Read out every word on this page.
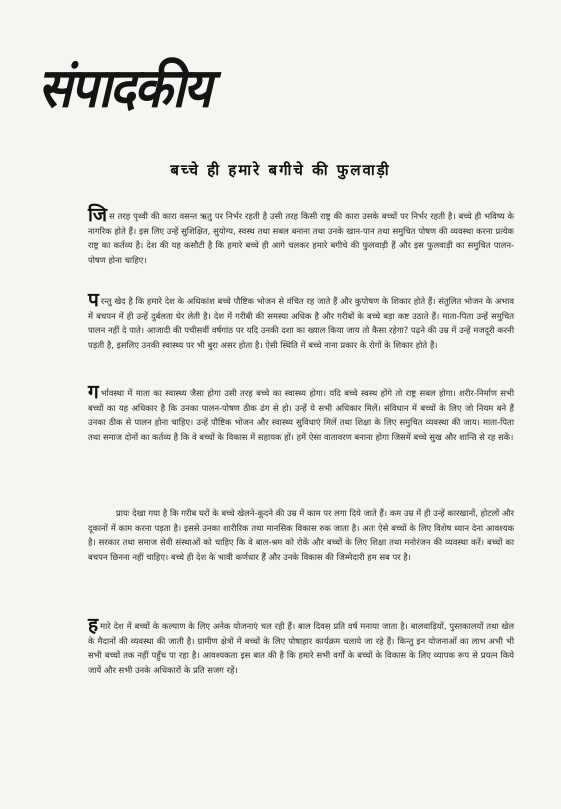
संपादकीय
बच्चे ही हमारे बगीचे की फुलवाड़ी

जिस तरह पृथ्वी की कारा वसन्त ऋतु पर निर्भर रहती है उसी तरह किसी राष्ट्र की कारा उसके बच्चों पर निर्भर रहती है। बच्चे ही भविष्य के नागरिक होते हैं। इस लिए उन्हें सुशिक्षित, सुयोग्य, स्वस्थ तथा सबल बनाना तथा उनके खान-पान तथा समुचित पोषण की व्यवस्था करना प्रत्येक राष्ट्र का कर्तव्य है। देश की यह कसौटी है कि हमारे बच्चे ही आगे चलकर हमारे बगीचे की फुलवाड़ी हैं और इस फुलवाड़ी का समुचित पालन-पोषण होना चाहिए।

परन्तु खेद है कि हमारे देश के अधिकांश बच्चे पौष्टिक भोजन से वंचित रह जाते हैं और कुपोषण के शिकार होते हैं। संतुलित भोजन के अभाव में बचपन में ही उन्हें दुर्बलता घेर लेती है। देश में गरीबी की समस्या अधिक है और गरीबों के बच्चे बड़ा कष्ट उठाते हैं। माता-पिता उन्हें समुचित पालन नहीं दे पाते। आजादी की पचीसवीं वर्षगांठ पर यदि उनकी दशा का ख्याल किया जाय तो कैसा रहेगा? पढ़ने की उम्र में उन्हें मजदूरी करनी पड़ती है, इसलिए उनकी स्वास्थ्य पर भी बुरा असर होता है। ऐसी स्थिति में बच्चे नाना प्रकार के रोगों के शिकार होते हैं।

गर्भावस्था में माता का स्वास्थ्य जैसा होगा उसी तरह बच्चे का स्वास्थ्य होगा। यदि बच्चे स्वस्थ होंगे तो राष्ट्र सबल होगा। शरीर-निर्माण सभी बच्चों का यह अधिकार है कि उनका पालन-पोषण ठीक ढंग से हो। उन्हें ये सभी अधिकार मिलें। संविधान में बच्चों के लिए जो नियम बने हैं उनका ठीक से पालन होना चाहिए। उन्हें पौष्टिक भोजन और स्वास्थ्य सुविधाएं मिलें तथा शिक्षा के लिए समुचित व्यवस्था की जाय। माता-पिता तथा समाज दोनों का कर्तव्य है कि वे बच्चों के विकास में सहायक हों। हमें ऐसा वातावरण बनाना होगा जिसमें बच्चे सुख और शान्ति से रह सकें।

प्रायः देखा गया है कि गरीब घरों के बच्चे खेलने-कूदने की उम्र में काम पर लगा दिये जाते हैं। कम उम्र में ही उन्हें कारखानों, होटलों और दूकानों में काम करना पड़ता है। इससे उनका शारीरिक तथा मानसिक विकास रुक जाता है। अतः ऐसे बच्चों के लिए विशेष ध्यान देना आवश्यक है। सरकार तथा समाज सेवी संस्थाओं को चाहिए कि वे बाल-श्रम को रोकें और बच्चों के लिए शिक्षा तथा मनोरंजन की व्यवस्था करें। बच्चों का बचपन छिनना नहीं चाहिए। बच्चे ही देश के भावी कर्णधार हैं और उनके विकास की जिम्मेदारी हम सब पर है।

हमारे देश में बच्चों के कल्याण के लिए अनेक योजनाएं चल रही हैं। बाल दिवस प्रति वर्ष मनाया जाता है। बालवाड़ियों, पुस्तकालयों तथा खेल के मैदानों की व्यवस्था की जाती है। ग्रामीण क्षेत्रों में बच्चों के लिए पोषाहार कार्यक्रम चलाये जा रहे हैं। किन्तु इन योजनाओं का लाभ अभी भी सभी बच्चों तक नहीं पहुँच पा रहा है। आवश्यकता इस बात की है कि हमारे सभी वर्गों के बच्चों के विकास के लिए व्यापक रूप से प्रयत्न किये जायें और सभी उनके अधिकारों के प्रति सजग रहें।
